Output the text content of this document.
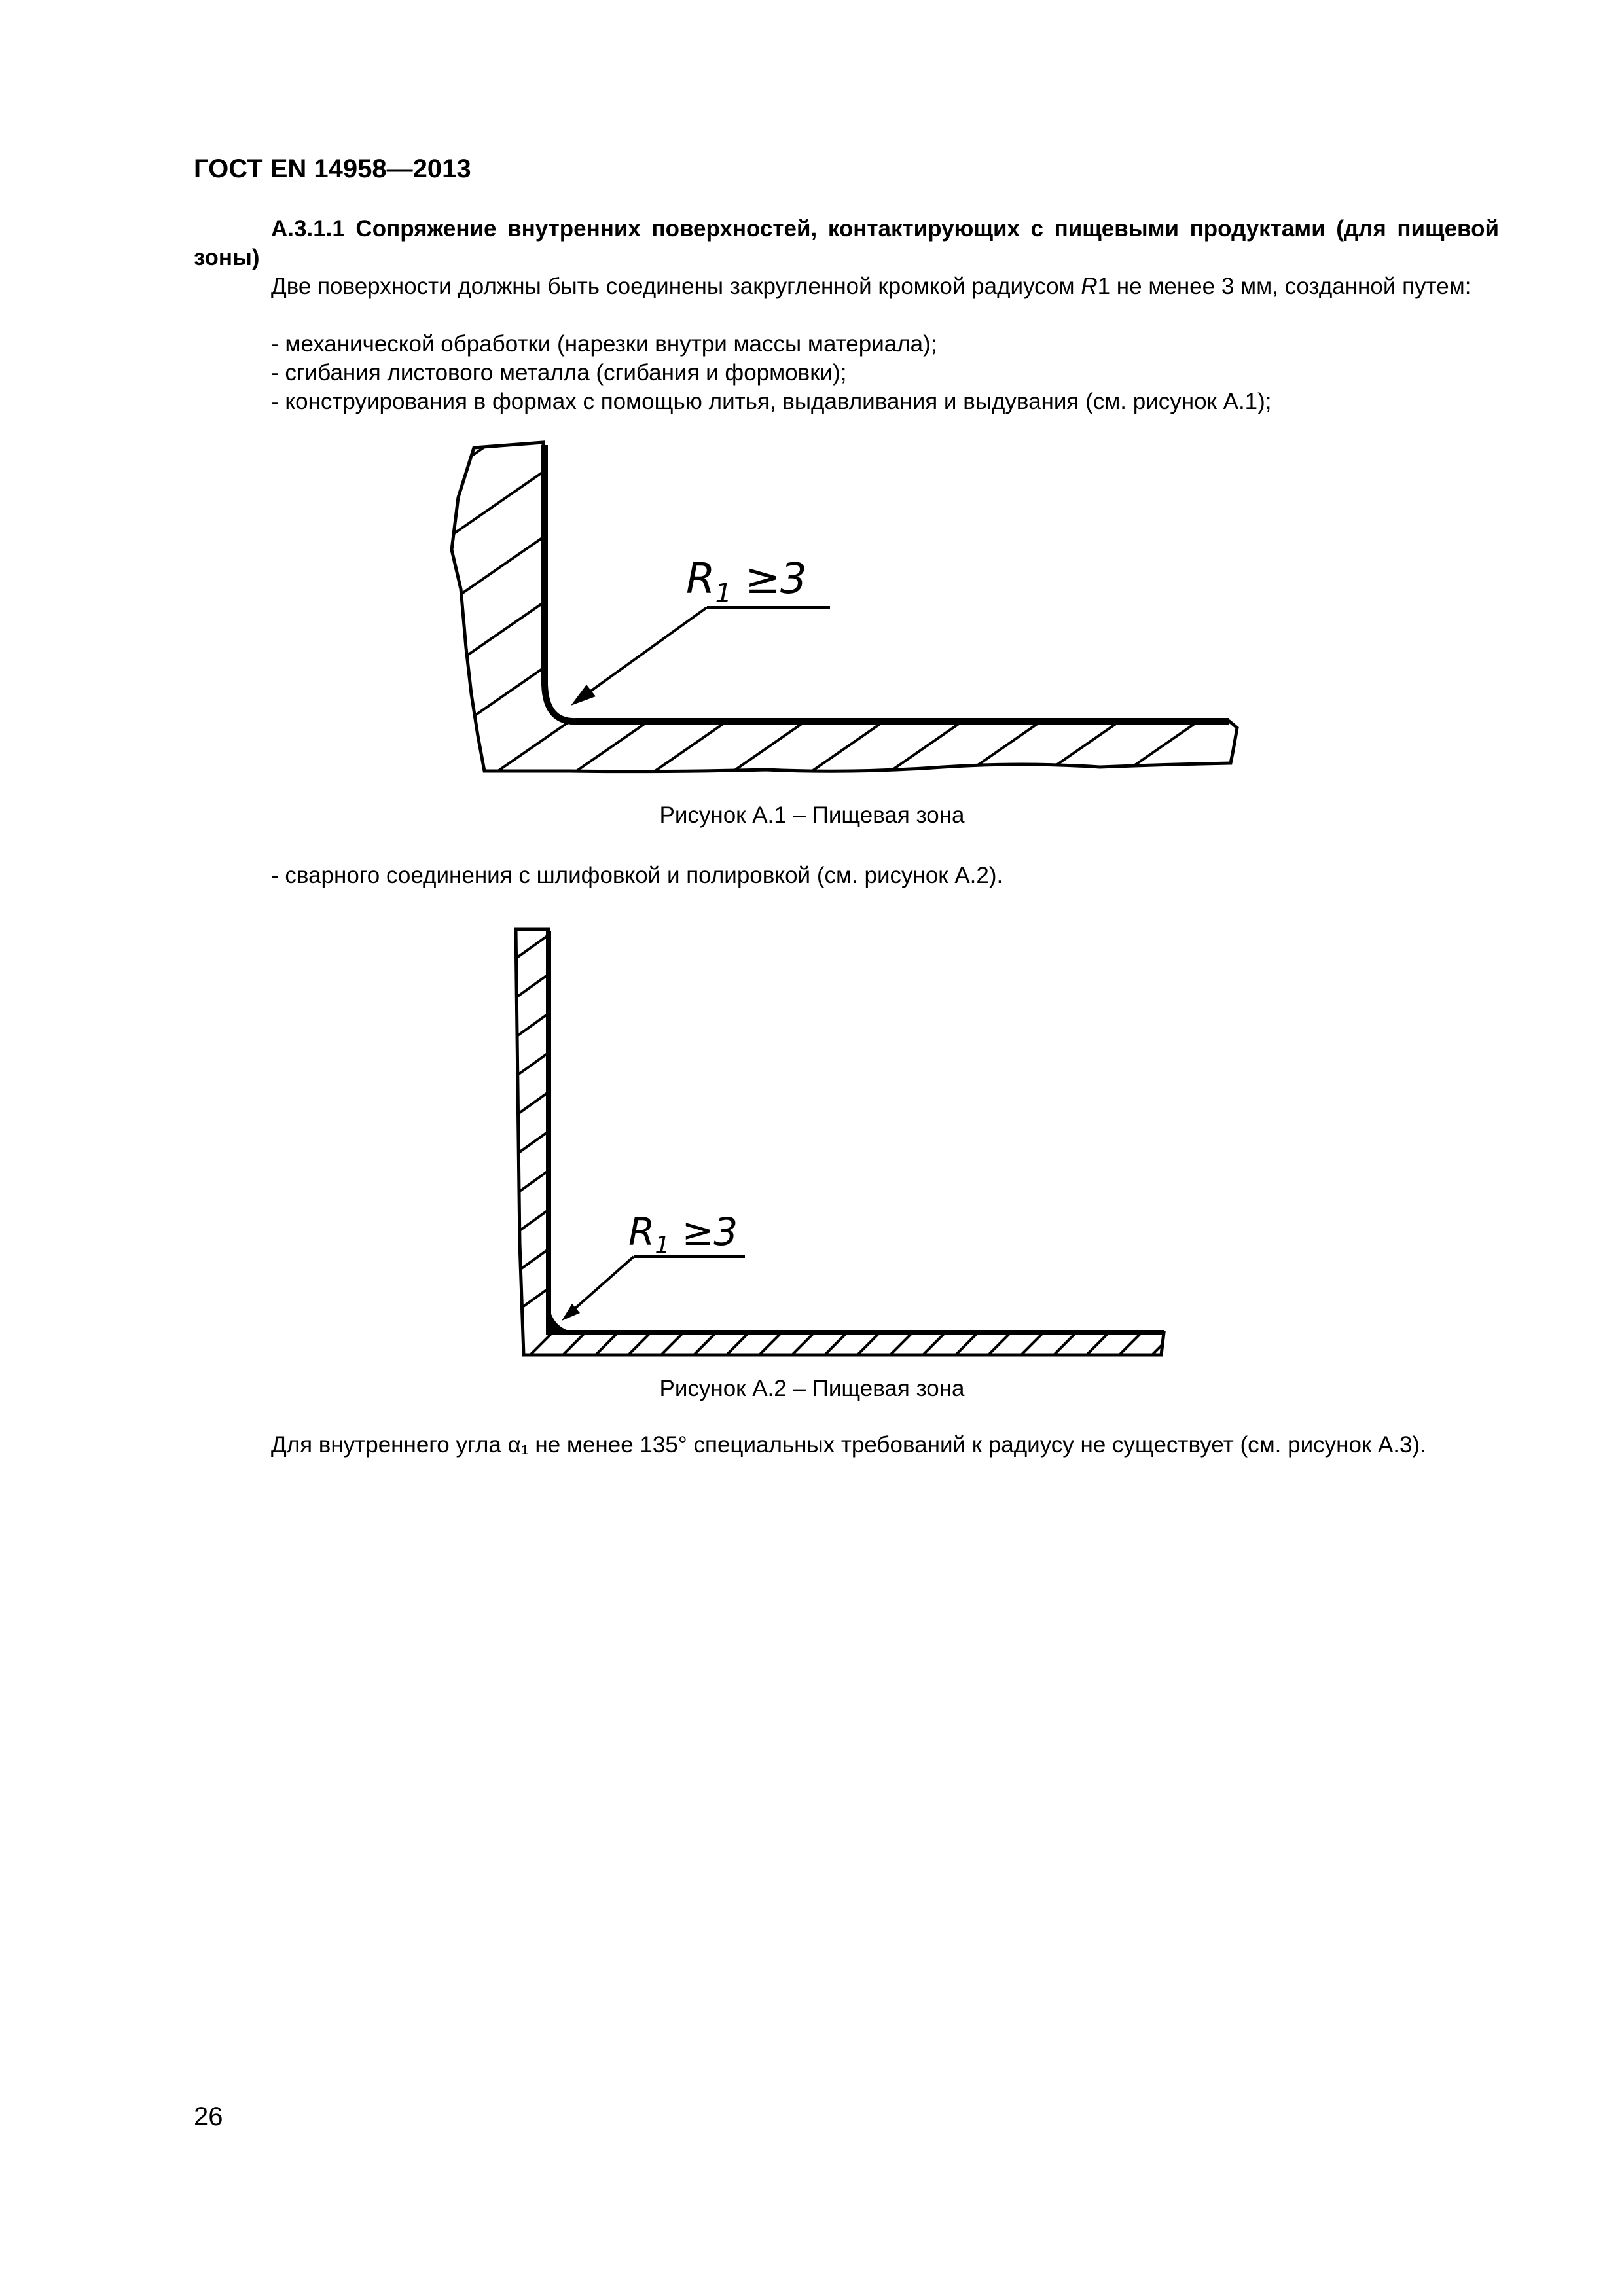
ГОСТ EN 14958—2013
А.3.1.1 Сопряжение внутренних поверхностей, контактирующих с пищевыми продуктами (для пищевой зоны)
Две поверхности должны быть соединены закругленной кромкой радиусом R1 не менее 3 мм, созданной путем:
- механической обработки (нарезки внутри массы материала);
- сгибания листового металла (сгибания и формовки);
- конструирования в формах с помощью литья, выдавливания и выдувания (см. рисунок А.1);
$R_1 \ge 3$
Рисунок А.1 – Пищевая зона
- сварного соединения с шлифовкой и полировкой (см. рисунок А.2).
$R_1 \ge 3$
Рисунок А.2 – Пищевая зона
Для внутреннего угла α₁ не менее 135° специальных требований к радиусу не существует (см. рисунок А.3).
26
